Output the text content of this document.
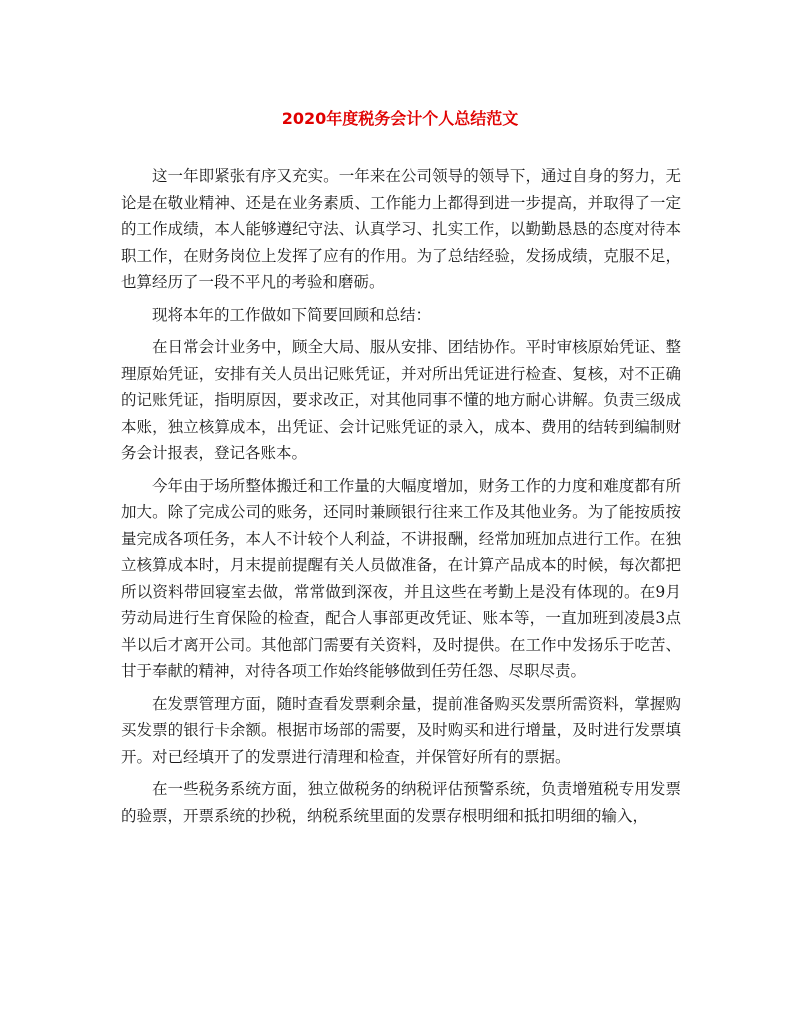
2020年度税务会计个人总结范文

这一年即紧张有序又充实。一年来在公司领导的领导下，通过自身的努力，无论是在敬业精神、还是在业务素质、工作能力上都得到进一步提高，并取得了一定的工作成绩，本人能够遵纪守法、认真学习、扎实工作，以勤勤恳恳的态度对待本职工作，在财务岗位上发挥了应有的作用。为了总结经验，发扬成绩，克服不足，也算经历了一段不平凡的考验和磨砺。

现将本年的工作做如下简要回顾和总结：

在日常会计业务中，顾全大局、服从安排、团结协作。平时审核原始凭证、整理原始凭证，安排有关人员出记账凭证，并对所出凭证进行检查、复核，对不正确的记账凭证，指明原因，要求改正，对其他同事不懂的地方耐心讲解。负责三级成本账，独立核算成本，出凭证、会计记账凭证的录入，成本、费用的结转到编制财务会计报表，登记各账本。

今年由于场所整体搬迁和工作量的大幅度增加，财务工作的力度和难度都有所加大。除了完成公司的账务，还同时兼顾银行往来工作及其他业务。为了能按质按量完成各项任务，本人不计较个人利益，不讲报酬，经常加班加点进行工作。在独立核算成本时，月末提前提醒有关人员做准备，在计算产品成本的时候，每次都把所以资料带回寝室去做，常常做到深夜，并且这些在考勤上是没有体现的。在9月劳动局进行生育保险的检查，配合人事部更改凭证、账本等，一直加班到凌晨3点半以后才离开公司。其他部门需要有关资料，及时提供。在工作中发扬乐于吃苦、甘于奉献的精神，对待各项工作始终能够做到任劳任怨、尽职尽责。

在发票管理方面，随时查看发票剩余量，提前准备购买发票所需资料，掌握购买发票的银行卡余额。根据市场部的需要，及时购买和进行增量，及时进行发票填开。对已经填开了的发票进行清理和检查，并保管好所有的票据。

在一些税务系统方面，独立做税务的纳税评估预警系统，负责增殖税专用发票的验票，开票系统的抄税，纳税系统里面的发票存根明细和抵扣明细的输入，
